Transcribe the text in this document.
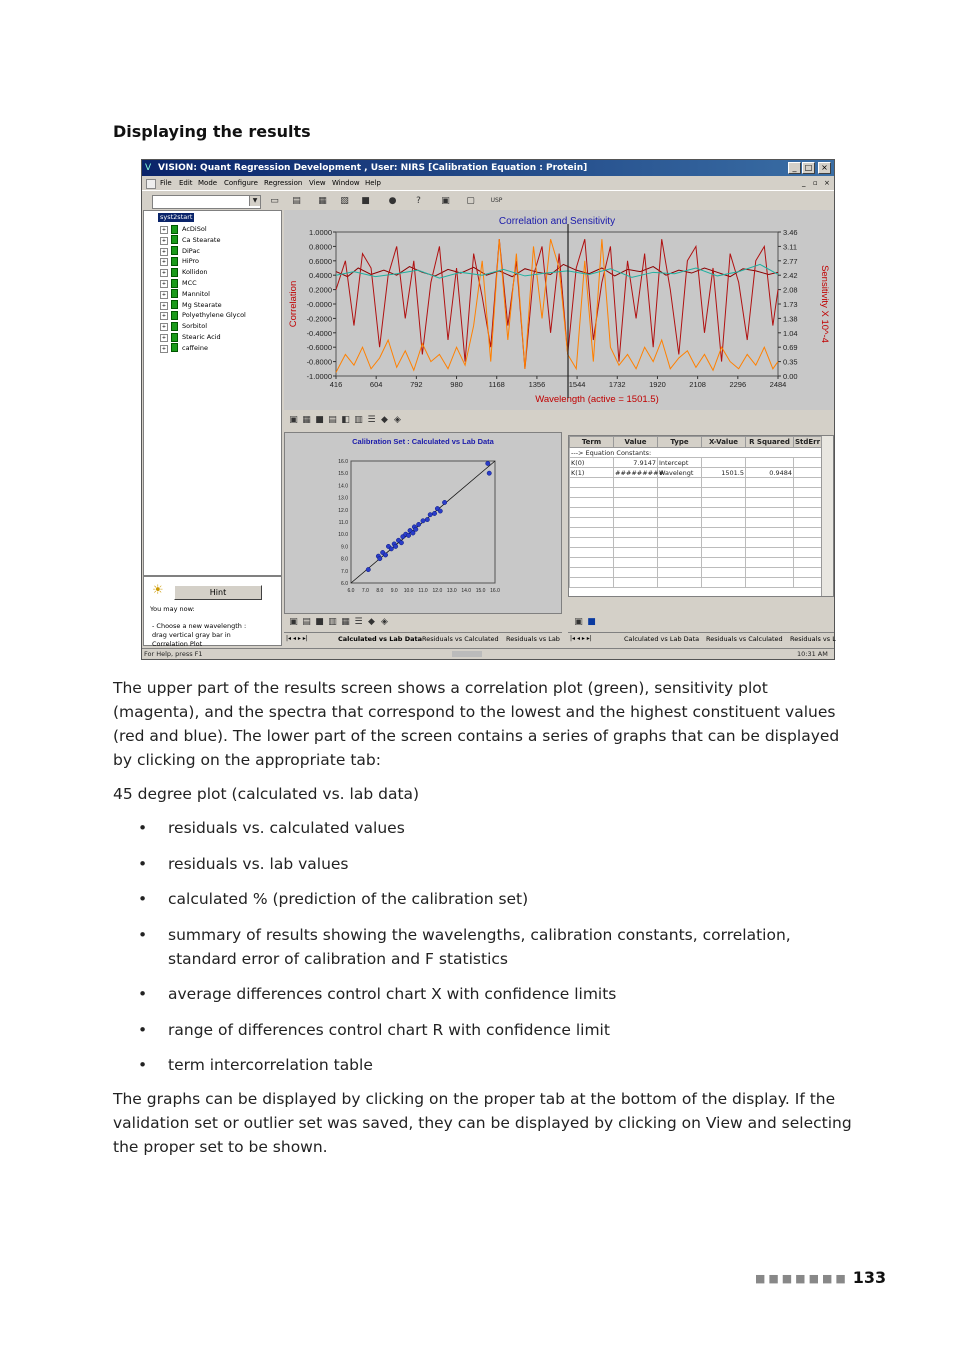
Displaying the results
V VISION: Quant Regression Development , User: NIRS [Calibration Equation : Protein]	_	□	×
File Edit Mode Configure Regression View Window Help	_ ▫ ×
▼	▭	▤	▦	▧	■	●	?	▣	▢	USP
syst2start
+ AcDiSol
+ Ca Stearate
+ DiPac
+ HiPro
+ Kollidon
+ MCC
+ Mannitol
+ Mg Stearate
+ Polyethylene Glycol
+ Sorbitol
+ Stearic Acid
+ caffeine
☀	Hint
You may now:
- Choose a new wavelength : drag vertical gray bar in Correlation Plot
Correlation and Sensitivity
1.0000
0.8000
0.6000
0.4000
0.2000
-0.0000
-0.2000
-0.4000
-0.6000
-0.8000
-1.0000
3.46
3.11
2.77
2.42
2.08
1.73
1.38
1.04
0.69
0.35
0.00
416	604	792	980	1168	1356	1544	1732	1920	2108	2296	2484
Wavelength (active = 1501.5)
Correlation	Sensitivity X 10^-4
▣ ▦ ■ ▤ ◧ ▥ ☰ ◆ ◈
Calibration Set : Calculated vs Lab Data
16.0
15.0
14.0
13.0
12.0
11.0
10.0
9.0
8.0
7.0
6.0
6.0 7.0 8.0 9.0 10.0 11.0 12.0 13.0 14.0 15.0 16.0
▣ ▤ ■ ▥ ▦ ☰ ◆ ◈
Term	Value	Type	X-Value	R Squared	StdErr
---> Equation Constants:					
K(0)	7.9147	Intercept			
K(1)	#########	Wavelengt	1501.5	0.9484	

▣ ■
|◂ ◂ ▸ ▸|	Calculated vs Lab Data Residuals vs Calculated Residuals vs Lab |◂ ◂ ▸ ▸|	Calculated vs Lab Data Residuals vs Calculated Residuals vs L
For Help, press F1	10:31 AM
The upper part of the results screen shows a correlation plot (green), sensitivity plot (magenta), and the spectra that correspond to the lowest and the highest constituent values (red and blue). The lower part of the screen contains a series of graphs that can be displayed by clicking on the appropriate tab:
45 degree plot (calculated vs. lab data)
• residuals vs. calculated values
• residuals vs. lab values
• calculated % (prediction of the calibration set)
• summary of results showing the wavelengths, calibration constants, correlation, standard error of calibration and F statistics
• average differences control chart X with confidence limits
• range of differences control chart R with confidence limit
• term intercorrelation table
The graphs can be displayed by clicking on the proper tab at the bottom of the display. If the validation set or outlier set was saved, they can be displayed by clicking on View and selecting the proper set to be shown.
■■■■■■■ 133
